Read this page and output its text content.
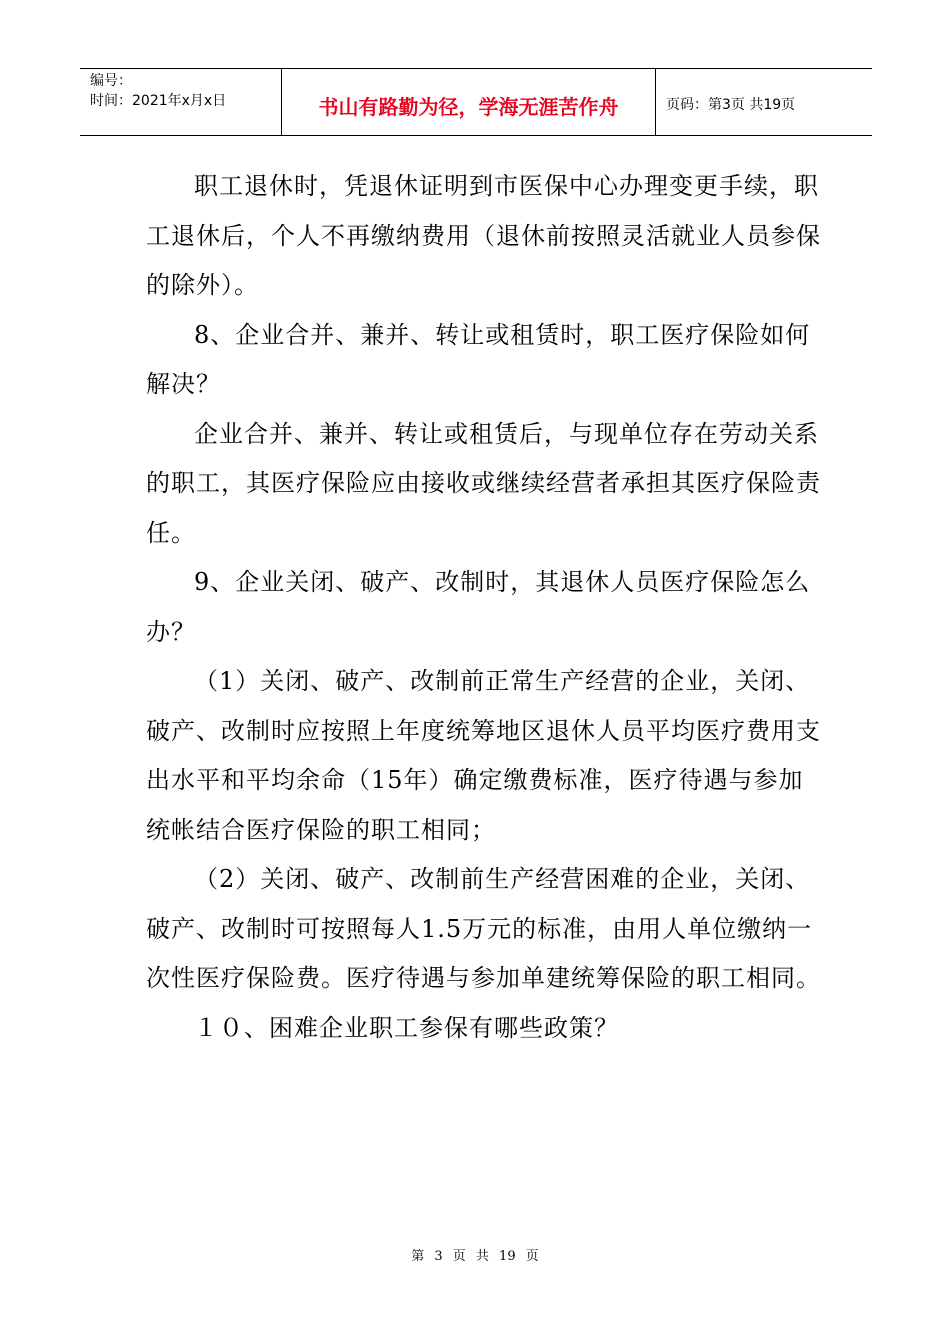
编号：
时间：2021年x月x日	书山有路勤为径，学海无涯苦作舟	页码：第3页 共19页

职工退休时，凭退休证明到市医保中心办理变更手续，职工退休后，个人不再缴纳费用（退休前按照灵活就业人员参保的除外）。

8、企业合并、兼并、转让或租赁时，职工医疗保险如何解决？

企业合并、兼并、转让或租赁后，与现单位存在劳动关系的职工，其医疗保险应由接收或继续经营者承担其医疗保险责任。

9、企业关闭、破产、改制时，其退休人员医疗保险怎么办？

（1）关闭、破产、改制前正常生产经营的企业，关闭、破产、改制时应按照上年度统筹地区退休人员平均医疗费用支出水平和平均余命（15年）确定缴费标准，医疗待遇与参加统帐结合医疗保险的职工相同；

（2）关闭、破产、改制前生产经营困难的企业，关闭、破产、改制时可按照每人1.5万元的标准，由用人单位缴纳一次性医疗保险费。医疗待遇与参加单建统筹保险的职工相同。

１０、困难企业职工参保有哪些政策？

第 3 页 共 19 页
